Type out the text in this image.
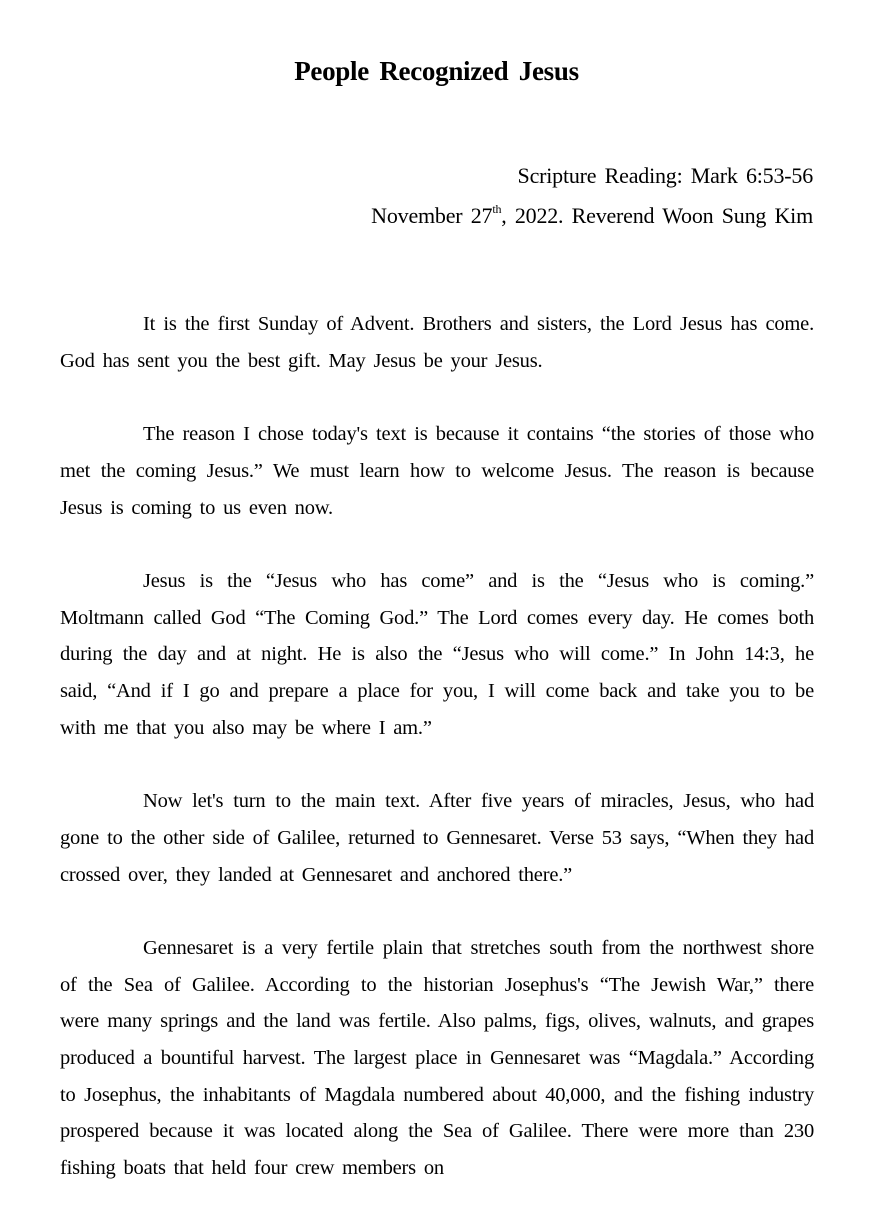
People Recognized Jesus
Scripture Reading: Mark 6:53-56
November 27th, 2022. Reverend Woon Sung Kim

It is the first Sunday of Advent. Brothers and sisters, the Lord Jesus has come. God has sent you the best gift. May Jesus be your Jesus.

The reason I chose today's text is because it contains “the stories of those who met the coming Jesus.” We must learn how to welcome Jesus. The reason is because Jesus is coming to us even now.

Jesus is the “Jesus who has come” and is the “Jesus who is coming.” Moltmann called God “The Coming God.” The Lord comes every day. He comes both during the day and at night. He is also the “Jesus who will come.” In John 14:3, he said, “And if I go and prepare a place for you, I will come back and take you to be with me that you also may be where I am.”

Now let's turn to the main text. After five years of miracles, Jesus, who had gone to the other side of Galilee, returned to Gennesaret. Verse 53 says, “When they had crossed over, they landed at Gennesaret and anchored there.”

Gennesaret is a very fertile plain that stretches south from the northwest shore of the Sea of Galilee. According to the historian Josephus's “The Jewish War,” there were many springs and the land was fertile. Also palms, figs, olives, walnuts, and grapes produced a bountiful harvest. The largest place in Gennesaret was “Magdala.” According to Josephus, the inhabitants of Magdala numbered about 40,000, and the fishing industry prospered because it was located along the Sea of Galilee. There were more than 230 fishing boats that held four crew members on
